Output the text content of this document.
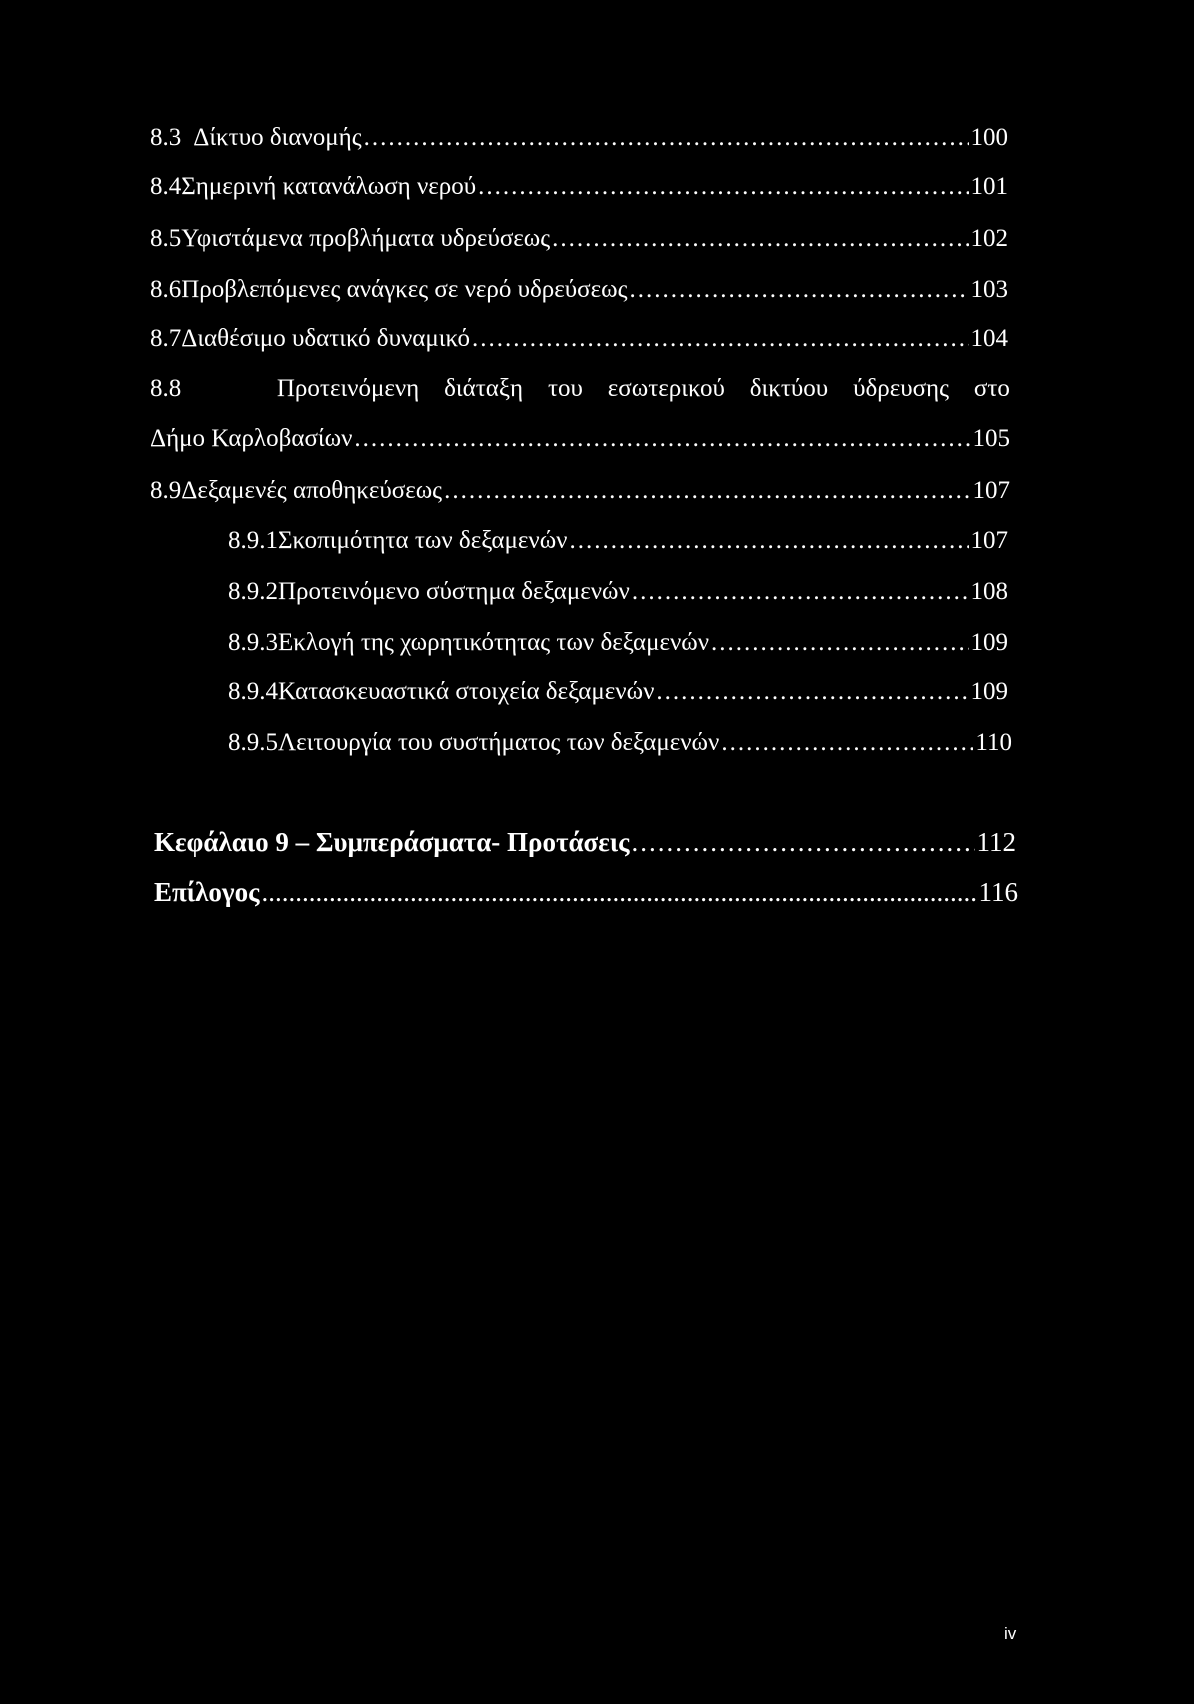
8.3 Δίκτυο διανομής .....	100
8.4 Σημερινή κατανάλωση νερού .....	101
8.5 Υφιστάμενα προβλήματα υδρεύσεως .....	102
8.6 Προβλεπόμενες ανάγκες σε νερό υδρεύσεως .....	103
8.7 Διαθέσιμο υδατικό δυναμικό .....	104
8.8	Προτεινόμενη διάταξη του εσωτερικού δικτύου ύδρευσης στο
Δήμο Καρλοβασίων .....	105
8.9 Δεξαμενές αποθηκεύσεως .....	107
8.9.1 Σκοπιμότητα των δεξαμενών .....	107
8.9.2 Προτεινόμενο σύστημα δεξαμενών .....	108
8.9.3 Εκλογή της χωρητικότητας των δεξαμενών .....	109
8.9.4 Κατασκευαστικά στοιχεία δεξαμενών .....	109
8.9.5 Λειτουργία του συστήματος των δεξαμενών .....	110
Κεφάλαιο 9 – Συμπεράσματα- Προτάσεις .....	112
Επίλογος .....	116
iv
